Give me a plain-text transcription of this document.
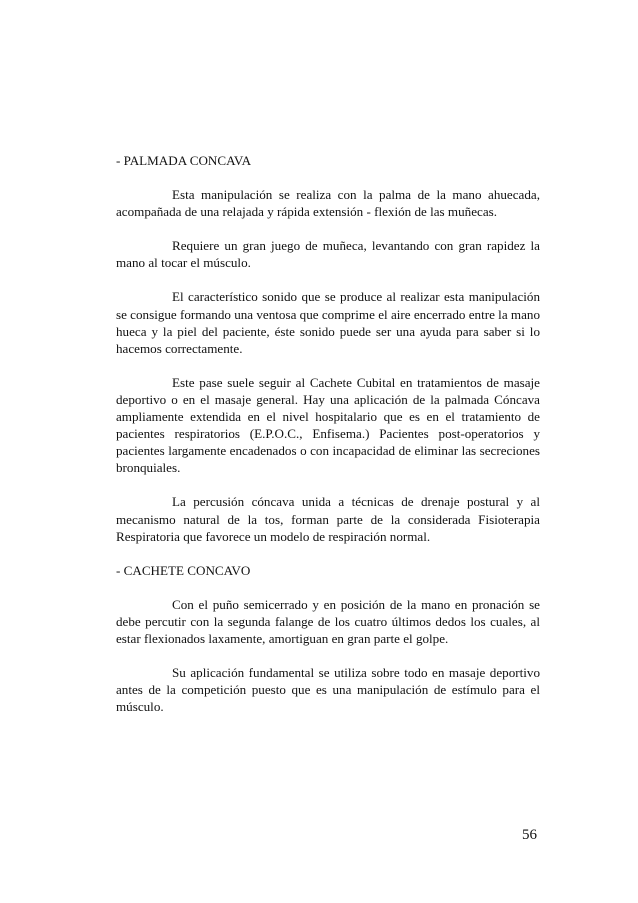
- PALMADA CONCAVA

Esta manipulación se realiza con la palma de la mano ahuecada, acompañada de una relajada y rápida extensión - flexión de las muñecas.

Requiere un gran juego de muñeca, levantando con gran rapidez la mano al tocar el músculo.

El característico sonido que se produce al realizar esta manipulación se consigue formando una ventosa que comprime el aire encerrado entre la mano hueca y la piel del paciente, éste sonido puede ser una ayuda para saber si lo hacemos correctamente.

Este pase suele seguir al Cachete Cubital en tratamientos de masaje deportivo o en el masaje general. Hay una aplicación de la palmada Cóncava ampliamente extendida en el nivel hospitalario que es en el tratamiento de pacientes respiratorios (E.P.O.C., Enfisema.) Pacientes post-operatorios y pacientes largamente encadenados o con incapacidad de eliminar las secreciones bronquiales.

La percusión cóncava unida a técnicas de drenaje postural y al mecanismo natural de la tos, forman parte de la considerada Fisioterapia Respiratoria que favorece un modelo de respiración normal.

- CACHETE CONCAVO

Con el puño semicerrado y en posición de la mano en pronación se debe percutir con la segunda falange de los cuatro últimos dedos los cuales, al estar flexionados laxamente, amortiguan en gran parte el golpe.

Su aplicación fundamental se utiliza sobre todo en masaje deportivo antes de la competición puesto que es una manipulación de estímulo para el músculo.

56
